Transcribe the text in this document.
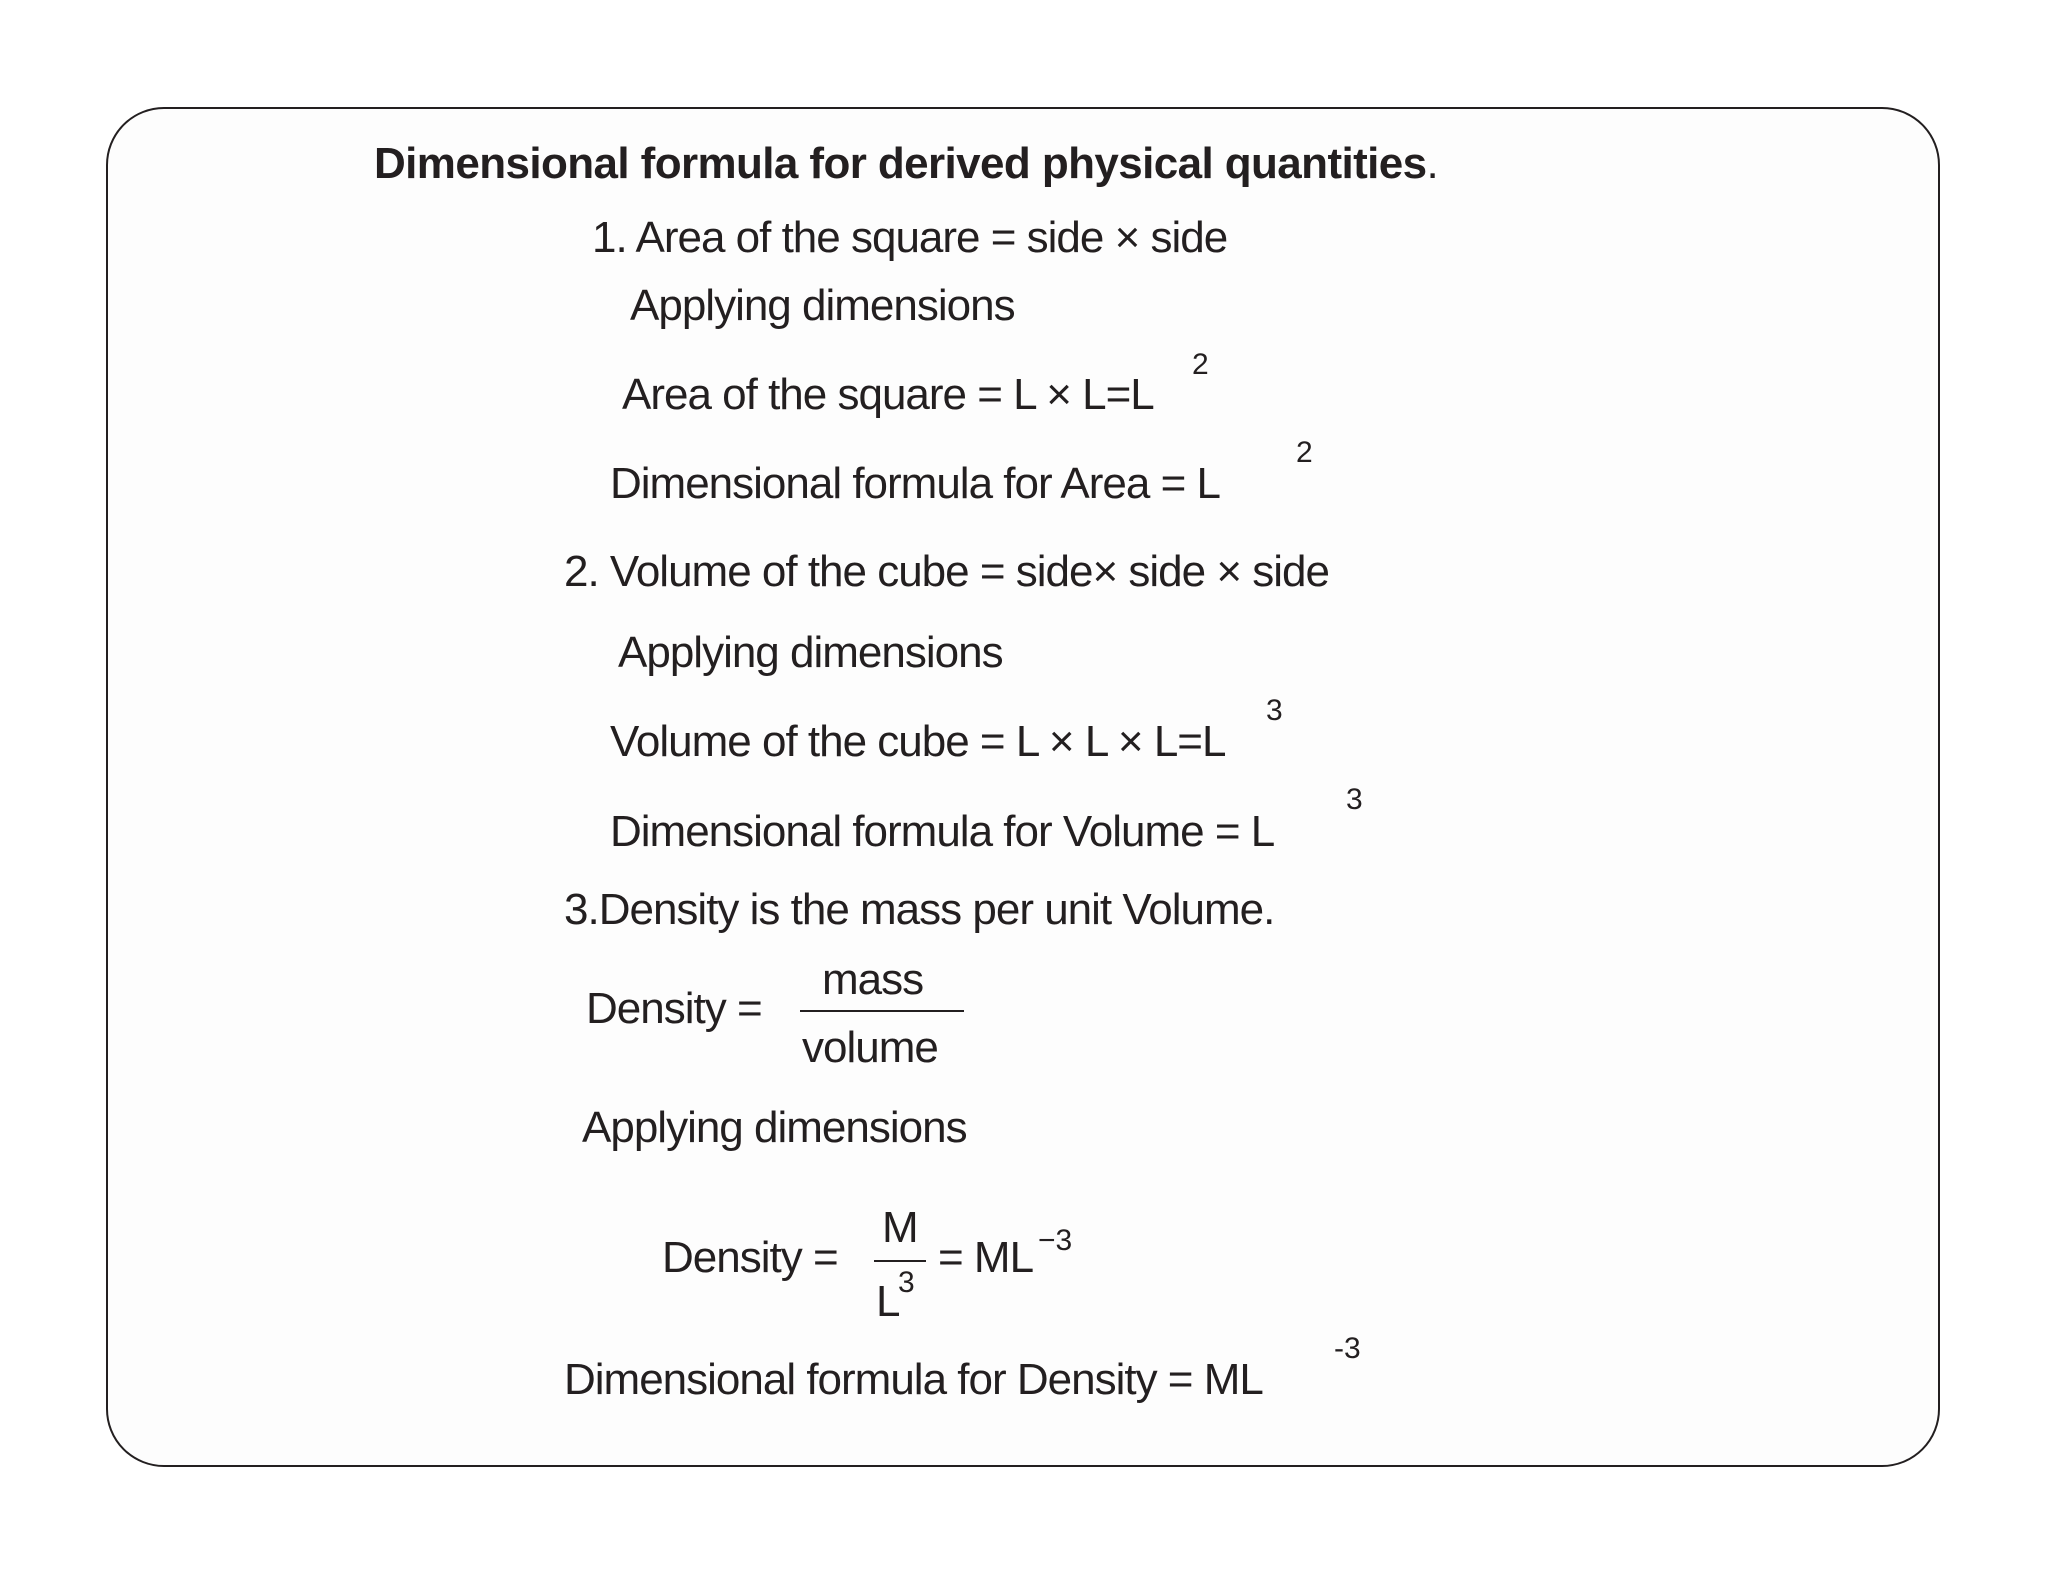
Dimensional formula for derived physical quantities.
1. Area of the square = side × side
Applying dimensions
Area of the square = L × L=L
2
Dimensional formula for Area = L
2
2. Volume of the cube = side× side × side
Applying dimensions
Volume of the cube = L × L × L=L
3
Dimensional formula for Volume = L
3
3.Density is the mass per unit Volume.
Density =
mass
volume
Applying dimensions
Density =
M
L
3
= ML −3
Dimensional formula for Density = ML
-3
